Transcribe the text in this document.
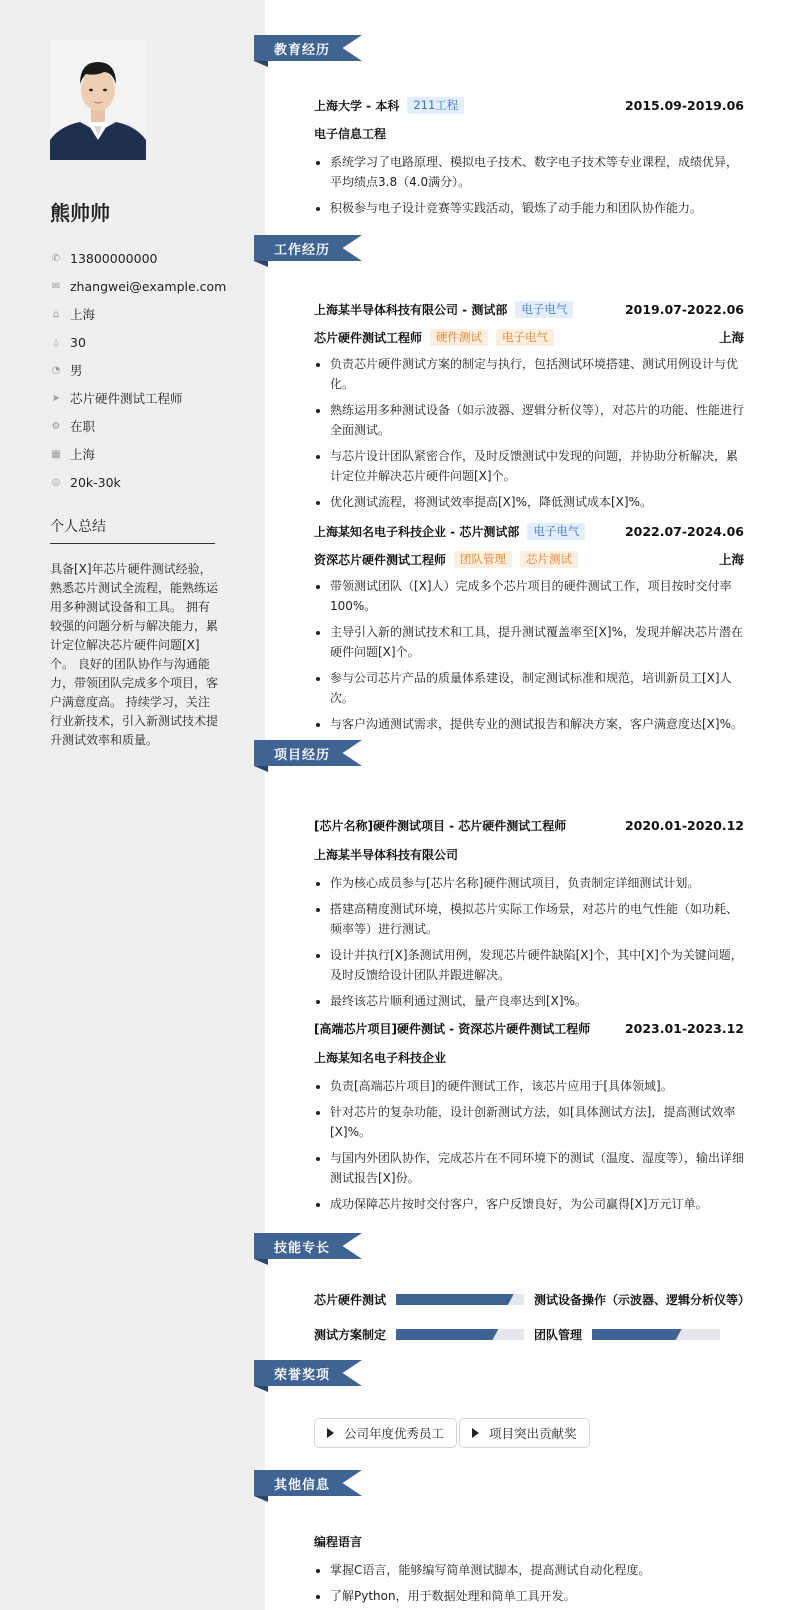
熊帅帅
✆ 13800000000
✉ zhangwei@example.com
⌂ 上海
⍙ 30
◔ 男
➤ 芯片硬件测试工程师
⚙ 在职
▦ 上海
◎ 20k-30k
个人总结
具备[X]年芯片硬件测试经验，熟悉芯片测试全流程，能熟练运用多种测试设备和工具。 拥有较强的问题分析与解决能力，累计定位解决芯片硬件问题[X]个。 良好的团队协作与沟通能力，带领团队完成多个项目，客户满意度高。 持续学习，关注行业新技术，引入新测试技术提升测试效率和质量。
教育经历
工作经历
项目经历
技能专长
荣誉奖项
其他信息
上海大学 - 本科	211工程	2015.09-2019.06
电子信息工程
系统学习了电路原理、模拟电子技术、数字电子技术等专业课程，成绩优异，平均绩点3.8（4.0满分）。
积极参与电子设计竞赛等实践活动，锻炼了动手能力和团队协作能力。
上海某半导体科技有限公司 - 测试部	电子电气	2019.07-2022.06
芯片硬件测试工程师	硬件测试	电子电气	上海
负责芯片硬件测试方案的制定与执行，包括测试环境搭建、测试用例设计与优化。
熟练运用多种测试设备（如示波器、逻辑分析仪等），对芯片的功能、性能进行全面测试。
与芯片设计团队紧密合作，及时反馈测试中发现的问题，并协助分析解决，累计定位并解决芯片硬件问题[X]个。
优化测试流程，将测试效率提高[X]%，降低测试成本[X]%。
上海某知名电子科技企业 - 芯片测试部	电子电气	2022.07-2024.06
资深芯片硬件测试工程师	团队管理	芯片测试	上海
带领测试团队（[X]人）完成多个芯片项目的硬件测试工作，项目按时交付率100%。
主导引入新的测试技术和工具，提升测试覆盖率至[X]%，发现并解决芯片潜在硬件问题[X]个。
参与公司芯片产品的质量体系建设，制定测试标准和规范，培训新员工[X]人次。
与客户沟通测试需求，提供专业的测试报告和解决方案，客户满意度达[X]%。
[芯片名称]硬件测试项目 - 芯片硬件测试工程师	2020.01-2020.12
上海某半导体科技有限公司
作为核心成员参与[芯片名称]硬件测试项目，负责制定详细测试计划。
搭建高精度测试环境，模拟芯片实际工作场景，对芯片的电气性能（如功耗、频率等）进行测试。
设计并执行[X]条测试用例，发现芯片硬件缺陷[X]个，其中[X]个为关键问题，及时反馈给设计团队并跟进解决。
最终该芯片顺利通过测试，量产良率达到[X]%。
[高端芯片项目]硬件测试 - 资深芯片硬件测试工程师	2023.01-2023.12
上海某知名电子科技企业
负责[高端芯片项目]的硬件测试工作，该芯片应用于[具体领域]。
针对芯片的复杂功能，设计创新测试方法，如[具体测试方法]，提高测试效率[X]%。
与国内外团队协作，完成芯片在不同环境下的测试（温度、湿度等），输出详细测试报告[X]份。
成功保障芯片按时交付客户，客户反馈良好，为公司赢得[X]万元订单。
芯片硬件测试	测试设备操作（示波器、逻辑分析仪等）
测试方案制定	团队管理
公司年度优秀员工	项目突出贡献奖
编程语言
掌握C语言，能够编写简单测试脚本，提高测试自动化程度。
了解Python，用于数据处理和简单工具开发。
